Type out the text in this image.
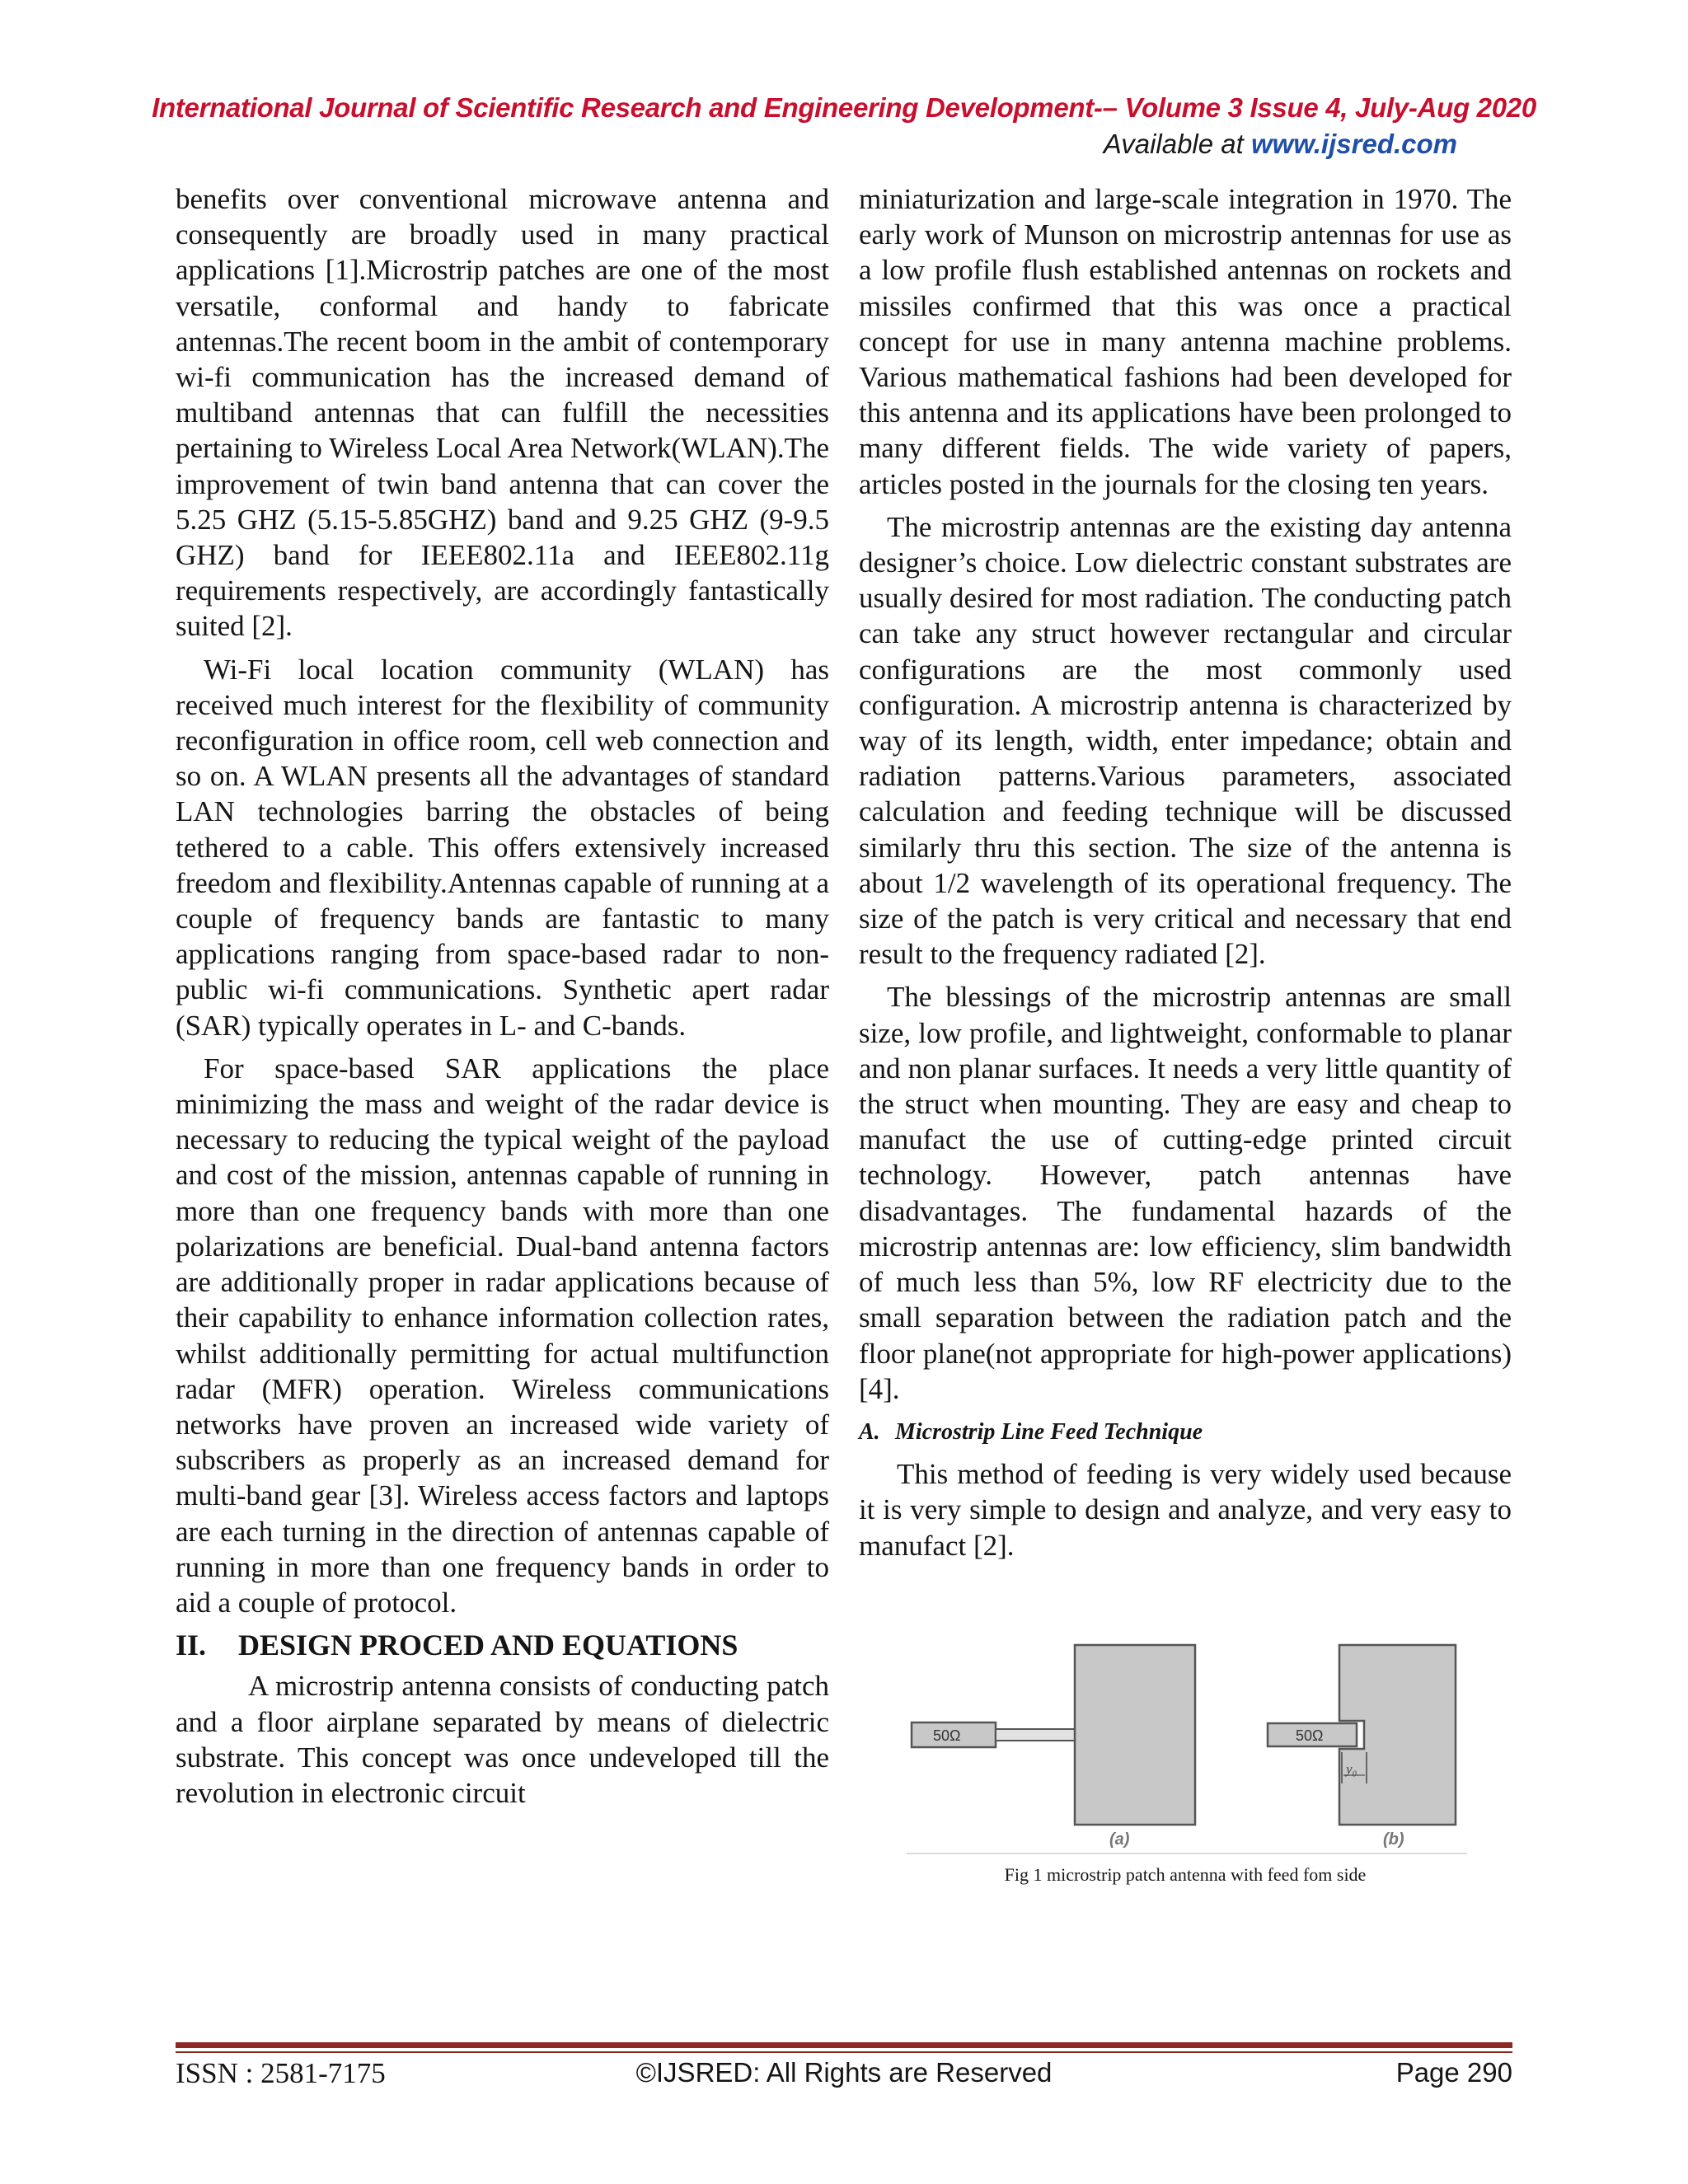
International Journal of Scientific Research and Engineering Development-– Volume 3 Issue 4, July-Aug 2020
Available at www.ijsred.com

benefits over conventional microwave antenna and consequently are broadly used in many practical applications [1].Microstrip patches are one of the most versatile, conformal and handy to fabricate antennas.The recent boom in the ambit of contemporary wi-fi communication has the increased demand of multiband antennas that can fulfill the necessities pertaining to Wireless Local Area Network(WLAN).The improvement of twin band antenna that can cover the 5.25 GHZ (5.15-5.85GHZ) band and 9.25 GHZ (9-9.5 GHZ) band for IEEE802.11a and IEEE802.11g requirements respectively, are accordingly fantastically suited [2].

Wi-Fi local location community (WLAN) has received much interest for the flexibility of community reconfiguration in office room, cell web connection and so on. A WLAN presents all the advantages of standard LAN technologies barring the obstacles of being tethered to a cable. This offers extensively increased freedom and flexibility.Antennas capable of running at a couple of frequency bands are fantastic to many applications ranging from space-based radar to non-public wi-fi communications. Synthetic apert radar (SAR) typically operates in L- and C-bands.

For space-based SAR applications the place minimizing the mass and weight of the radar device is necessary to reducing the typical weight of the payload and cost of the mission, antennas capable of running in more than one frequency bands with more than one polarizations are beneficial. Dual-band antenna factors are additionally proper in radar applications because of their capability to enhance information collection rates, whilst additionally permitting for actual multifunction radar (MFR) operation. Wireless communications networks have proven an increased wide variety of subscribers as properly as an increased demand for multi-band gear [3]. Wireless access factors and laptops are each turning in the direction of antennas capable of running in more than one frequency bands in order to aid a couple of protocol.

II. DESIGN PROCED AND EQUATIONS

A microstrip antenna consists of conducting patch and a floor airplane separated by means of dielectric substrate. This concept was once undeveloped till the revolution in electronic circuit

miniaturization and large-scale integration in 1970. The early work of Munson on microstrip antennas for use as a low profile flush established antennas on rockets and missiles confirmed that this was once a practical concept for use in many antenna machine problems. Various mathematical fashions had been developed for this antenna and its applications have been prolonged to many different fields. The wide variety of papers, articles posted in the journals for the closing ten years.

The microstrip antennas are the existing day antenna designer’s choice. Low dielectric constant substrates are usually desired for most radiation. The conducting patch can take any struct however rectangular and circular configurations are the most commonly used configuration. A microstrip antenna is characterized by way of its length, width, enter impedance; obtain and radiation patterns.Various parameters, associated calculation and feeding technique will be discussed similarly thru this section. The size of the antenna is about 1/2 wavelength of its operational frequency. The size of the patch is very critical and necessary that end result to the frequency radiated [2].

The blessings of the microstrip antennas are small size, low profile, and lightweight, conformable to planar and non planar surfaces. It needs a very little quantity of the struct when mounting. They are easy and cheap to manufact the use of cutting-edge printed circuit technology. However, patch antennas have disadvantages. The fundamental hazards of the microstrip antennas are: low efficiency, slim bandwidth of much less than 5%, low RF electricity due to the small separation between the radiation patch and the floor plane(not appropriate for high-power applications) [4].

A. Microstrip Line Feed Technique

This method of feeding is very widely used because it is very simple to design and analyze, and very easy to manufact [2].

50Ω
(a)
50Ω
y₀
(b)
Fig 1 microstrip patch antenna with feed fom side
ISSN : 2581-7175	©IJSRED: All Rights are Reserved	Page 290
